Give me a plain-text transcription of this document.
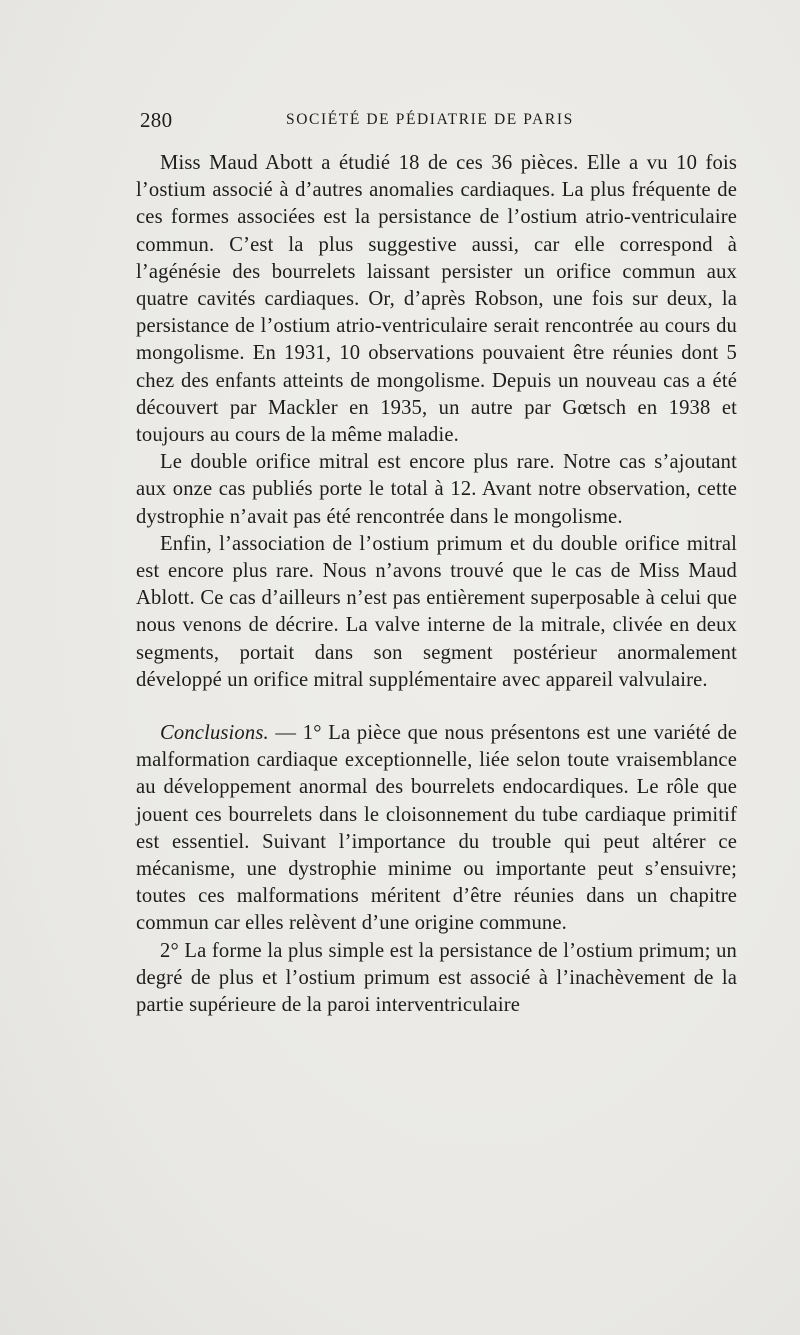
280	SOCIÉTÉ DE PÉDIATRIE DE PARIS

Miss Maud Abott a étudié 18 de ces 36 pièces. Elle a vu 10 fois l’ostium associé à d’autres anomalies cardiaques. La plus fréquente de ces formes associées est la persistance de l’ostium atrio-ventriculaire commun. C’est la plus suggestive aussi, car elle correspond à l’agénésie des bourrelets laissant persister un orifice commun aux quatre cavités cardiaques. Or, d’après Robson, une fois sur deux, la persistance de l’ostium atrio-ventriculaire serait rencontrée au cours du mongolisme. En 1931, 10 observations pouvaient être réunies dont 5 chez des enfants atteints de mongolisme. Depuis un nouveau cas a été découvert par Mackler en 1935, un autre par Gœtsch en 1938 et toujours au cours de la même maladie.

Le double orifice mitral est encore plus rare. Notre cas s’ajoutant aux onze cas publiés porte le total à 12. Avant notre observation, cette dystrophie n’avait pas été rencontrée dans le mongolisme.

Enfin, l’association de l’ostium primum et du double orifice mitral est encore plus rare. Nous n’avons trouvé que le cas de Miss Maud Ablott. Ce cas d’ailleurs n’est pas entièrement superposable à celui que nous venons de décrire. La valve interne de la mitrale, clivée en deux segments, portait dans son segment postérieur anormalement développé un orifice mitral supplémentaire avec appareil valvulaire.

Conclusions. — 1° La pièce que nous présentons est une variété de malformation cardiaque exceptionnelle, liée selon toute vraisemblance au développement anormal des bourrelets endocardiques. Le rôle que jouent ces bourrelets dans le cloisonnement du tube cardiaque primitif est essentiel. Suivant l’importance du trouble qui peut altérer ce mécanisme, une dystrophie minime ou importante peut s’ensuivre; toutes ces malformations méritent d’être réunies dans un chapitre commun car elles relèvent d’une origine commune.

2° La forme la plus simple est la persistance de l’ostium primum; un degré de plus et l’ostium primum est associé à l’inachèvement de la partie supérieure de la paroi interventriculaire
